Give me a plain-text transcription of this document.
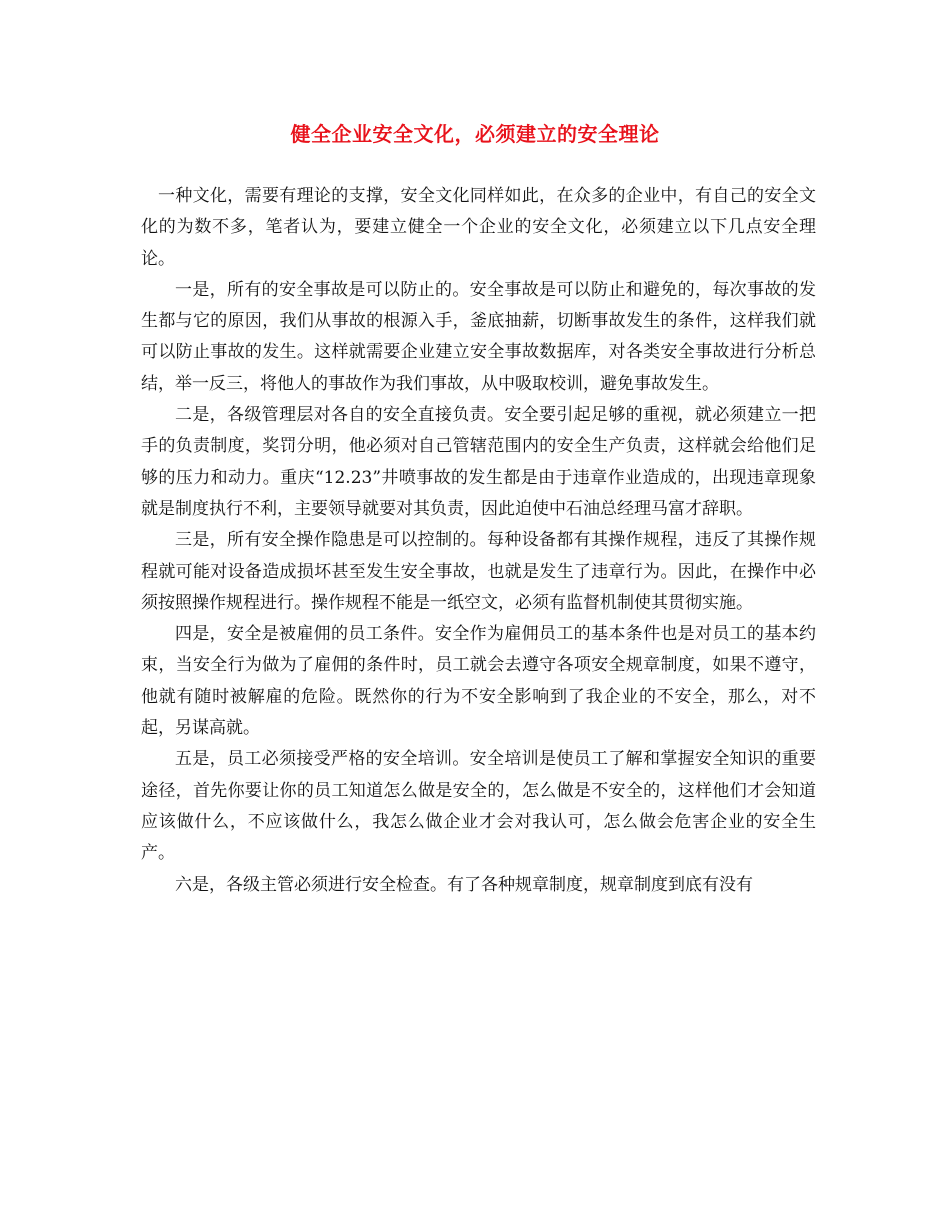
健全企业安全文化，必须建立的安全理论

一种文化，需要有理论的支撑，安全文化同样如此，在众多的企业中，有自己的安全文化的为数不多，笔者认为，要建立健全一个企业的安全文化，必须建立以下几点安全理论。

一是，所有的安全事故是可以防止的。安全事故是可以防止和避免的，每次事故的发生都与它的原因，我们从事故的根源入手，釜底抽薪，切断事故发生的条件，这样我们就可以防止事故的发生。这样就需要企业建立安全事故数据库，对各类安全事故进行分析总结，举一反三，将他人的事故作为我们事故，从中吸取校训，避免事故发生。

二是，各级管理层对各自的安全直接负责。安全要引起足够的重视，就必须建立一把手的负责制度，奖罚分明，他必须对自己管辖范围内的安全生产负责，这样就会给他们足够的压力和动力。重庆“12.23”井喷事故的发生都是由于违章作业造成的，出现违章现象就是制度执行不利，主要领导就要对其负责，因此迫使中石油总经理马富才辞职。

三是，所有安全操作隐患是可以控制的。每种设备都有其操作规程，违反了其操作规程就可能对设备造成损坏甚至发生安全事故，也就是发生了违章行为。因此，在操作中必须按照操作规程进行。操作规程不能是一纸空文，必须有监督机制使其贯彻实施。

四是，安全是被雇佣的员工条件。安全作为雇佣员工的基本条件也是对员工的基本约束，当安全行为做为了雇佣的条件时，员工就会去遵守各项安全规章制度，如果不遵守，他就有随时被解雇的危险。既然你的行为不安全影响到了我企业的不安全，那么，对不起，另谋高就。

五是，员工必须接受严格的安全培训。安全培训是使员工了解和掌握安全知识的重要途径，首先你要让你的员工知道怎么做是安全的，怎么做是不安全的，这样他们才会知道应该做什么，不应该做什么，我怎么做企业才会对我认可，怎么做会危害企业的安全生产。

六是，各级主管必须进行安全检查。有了各种规章制度，规章制度到底有没有
